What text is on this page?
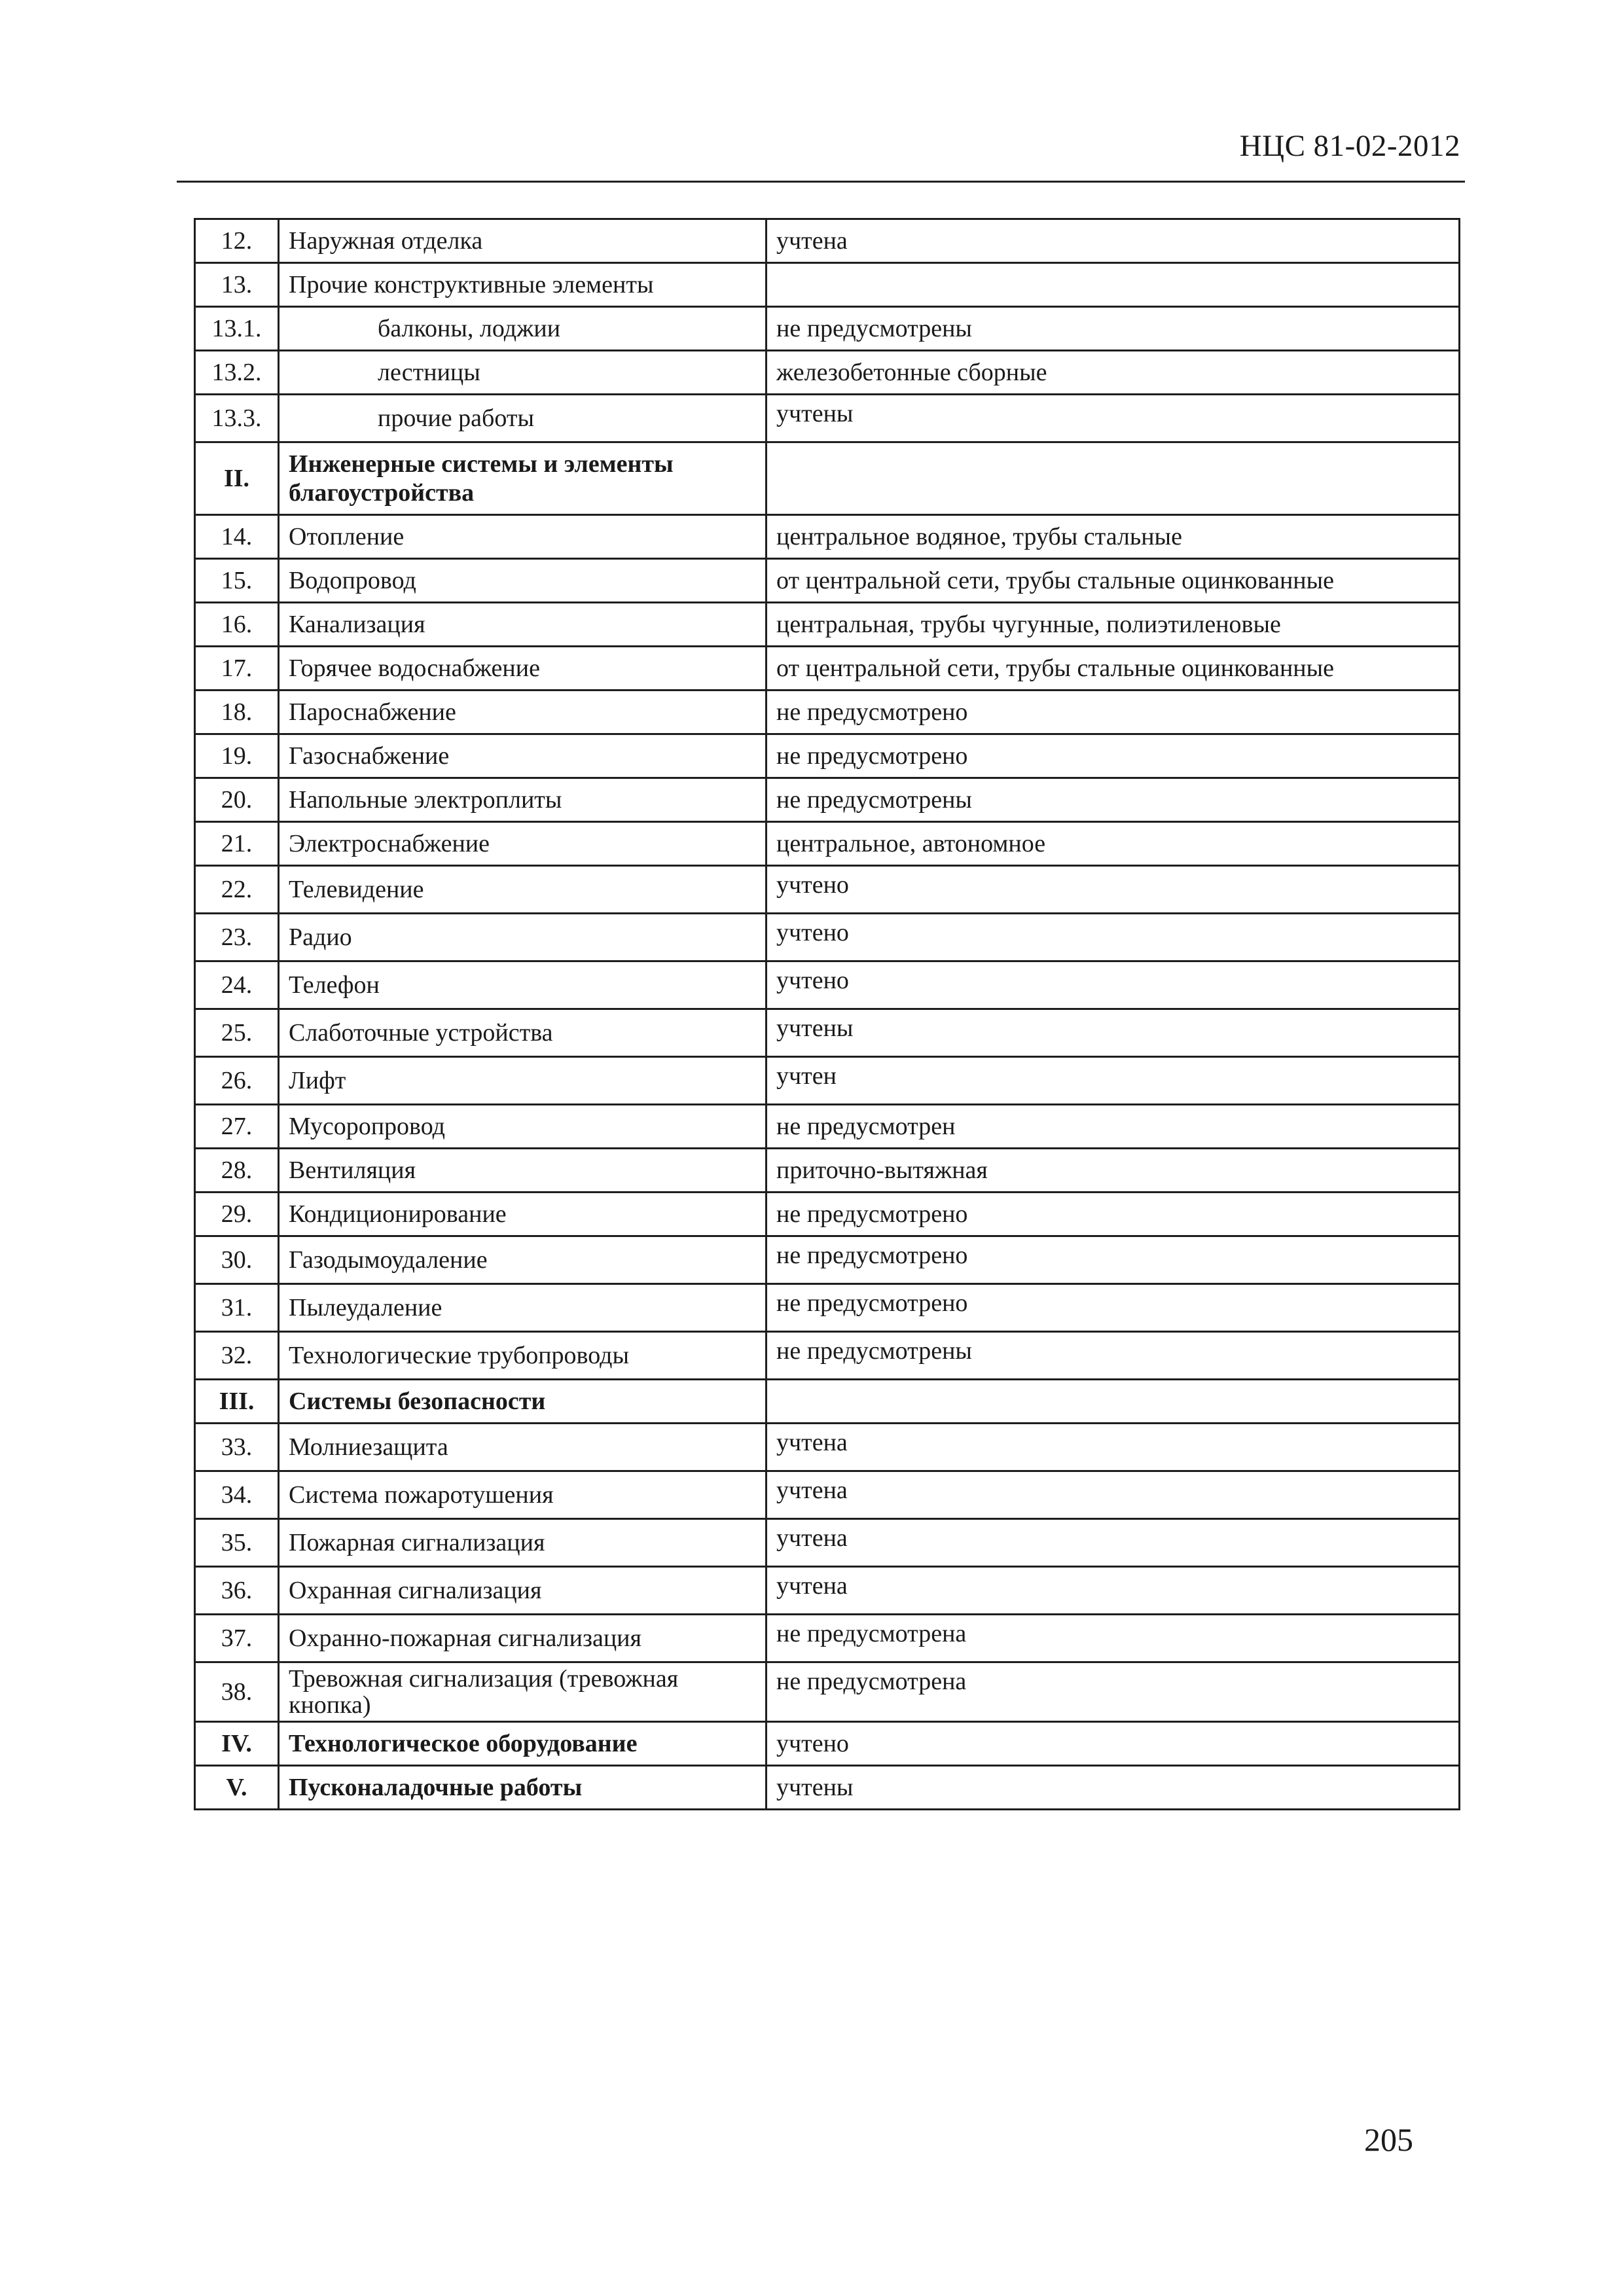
НЦС 81-02-2012
12.	Наружная отделка	учтена
13.	Прочие конструктивные элементы	
13.1.	балконы, лоджии	не предусмотрены
13.2.	лестницы	железобетонные сборные
13.3.	прочие работы	учтены
II.	Инженерные системы и элементы благоустройства	
14.	Отопление	центральное водяное, трубы стальные
15.	Водопровод	от центральной сети, трубы стальные оцинкованные
16.	Канализация	центральная, трубы чугунные, полиэтиленовые
17.	Горячее водоснабжение	от центральной сети, трубы стальные оцинкованные
18.	Пароснабжение	не предусмотрено
19.	Газоснабжение	не предусмотрено
20.	Напольные электроплиты	не предусмотрены
21.	Электроснабжение	центральное, автономное
22.	Телевидение	учтено
23.	Радио	учтено
24.	Телефон	учтено
25.	Слаботочные устройства	учтены
26.	Лифт	учтен
27.	Мусоропровод	не предусмотрен
28.	Вентиляция	приточно-вытяжная
29.	Кондиционирование	не предусмотрено
30.	Газодымоудаление	не предусмотрено
31.	Пылеудаление	не предусмотрено
32.	Технологические трубопроводы	не предусмотрены
III.	Системы безопасности	
33.	Молниезащита	учтена
34.	Система пожаротушения	учтена
35.	Пожарная сигнализация	учтена
36.	Охранная сигнализация	учтена
37.	Охранно-пожарная сигнализация	не предусмотрена
38.	Тревожная сигнализация (тревожная кнопка)	не предусмотрена
IV.	Технологическое оборудование	учтено
V.	Пусконаладочные работы	учтены
205
